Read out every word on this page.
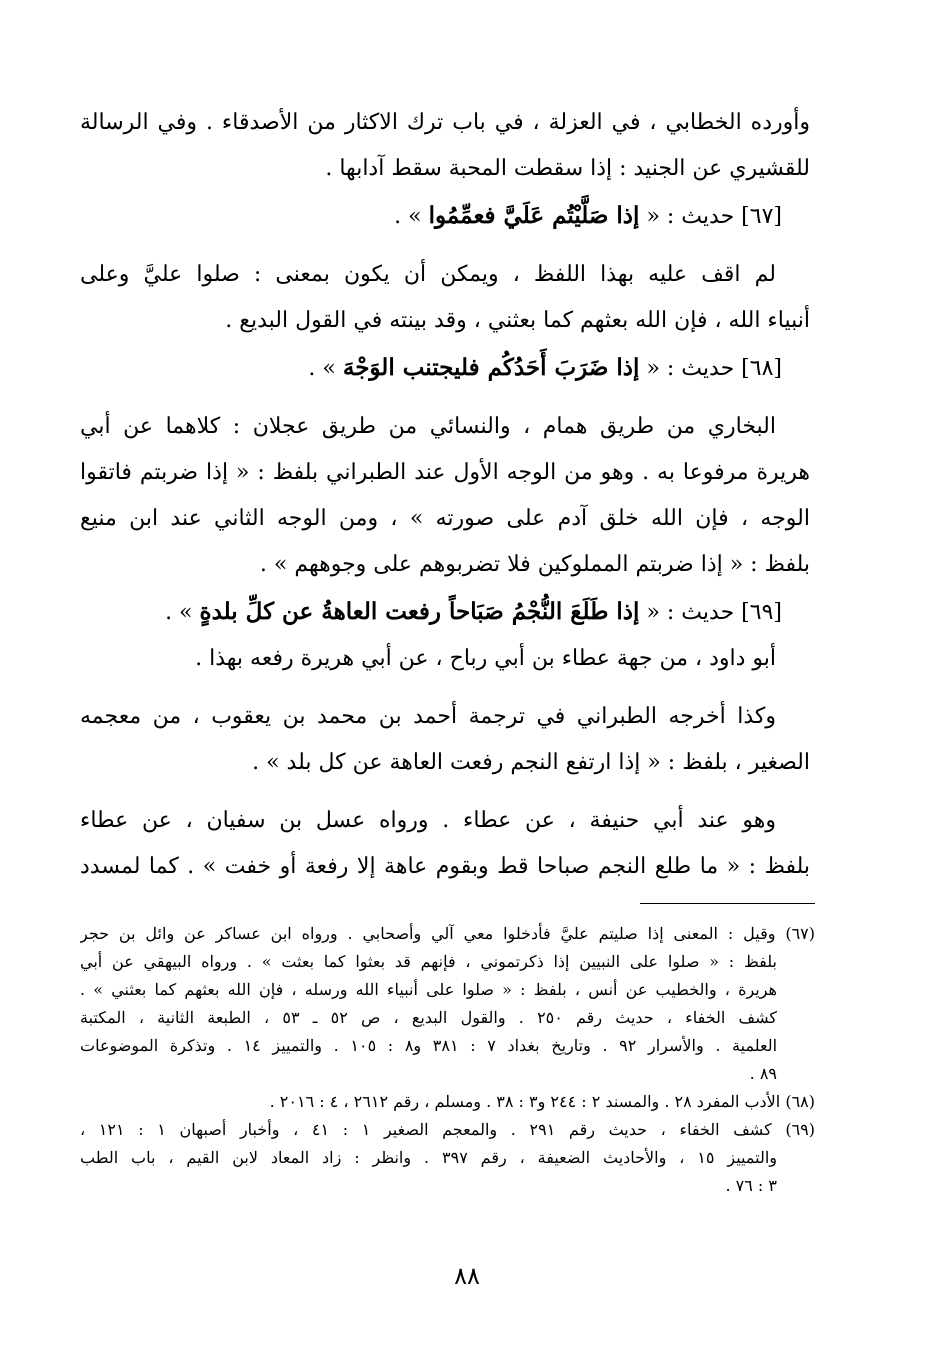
وأورده الخطابي ، في العزلة ، في باب ترك الاكثار من الأصدقاء . وفي الرسالة
للقشيري عن الجنيد : إذا سقطت المحبة سقط آدابها .
[٦٧] حديث : « إذا صَلَّيْتُم عَلَيَّ فعمِّمُوا » .
لم اقف عليه بهذا اللفظ ، ويمكن أن يكون بمعنى : صلوا عليَّ وعلى
أنبياء الله ، فإن الله بعثهم كما بعثني ، وقد بينته في القول البديع .
[٦٨] حديث : « إذا ضَرَبَ أَحَدُكُم فليجتنب الوَجْهَ » .
البخاري من طريق همام ، والنسائي من طريق عجلان : كلاهما عن أبي
هريرة مرفوعا به . وهو من الوجه الأول عند الطبراني بلفظ : « إذا ضربتم فاتقوا
الوجه ، فإن الله خلق آدم على صورته » ، ومن الوجه الثاني عند ابن منيع
بلفظ : « إذا ضربتم المملوكين فلا تضربوهم على وجوههم » .
[٦٩] حديث : « إذا طَلَعَ النُّجْمُ صَبَاحاً رفعت العاهةُ عن كلِّ بلدةٍ » .
أبو داود ، من جهة عطاء بن أبي رباح ، عن أبي هريرة رفعه بهذا .
وكذا أخرجه الطبراني في ترجمة أحمد بن محمد بن يعقوب ، من معجمه
الصغير ، بلفظ : « إذا ارتفع النجم رفعت العاهة عن كل بلد » .
وهو عند أبي حنيفة ، عن عطاء . ورواه عسل بن سفيان ، عن عطاء
بلفظ : « ما طلع النجم صباحا قط وبقوم عاهة إلا رفعة أو خفت » . كما لمسدد
(٦٧) وقيل : المعنى إذا صليتم عليَّ فأدخلوا معي آلي وأصحابي . ورواه ابن عساكر عن وائل بن حجر
بلفظ : « صلوا على النبيين إذا ذكرتموني ، فإنهم قد بعثوا كما بعثت » . ورواه البيهقي عن أبي
هريرة ، والخطيب عن أنس ، بلفظ : « صلوا على أنبياء الله ورسله ، فإن الله بعثهم كما بعثني » .
كشف الخفاء ، حديث رقم ٢٥٠ . والقول البديع ، ص ٥٢ ـ ٥٣ ، الطبعة الثانية ، المكتبة
العلمية . والأسرار ٩٢ . وتاريخ بغداد ٧ : ٣٨١ و٨ : ١٠٥ . والتمييز ١٤ . وتذكرة الموضوعات
٨٩ .
(٦٨) الأدب المفرد ٢٨ . والمسند ٢ : ٢٤٤ و٣ : ٣٨ . ومسلم ، رقم ٢٦١٢ ، ٤ : ٢٠١٦ .
(٦٩) كشف الخفاء ، حديث رقم ٢٩١ . والمعجم الصغير ١ : ٤١ ، وأخبار أصبهان ١ : ١٢١ ،
والتمييز ١٥ ، والأحاديث الضعيفة ، رقم ٣٩٧ . وانظر : زاد المعاد لابن القيم ، باب الطب
٣ : ٧٦ .
٨٨
